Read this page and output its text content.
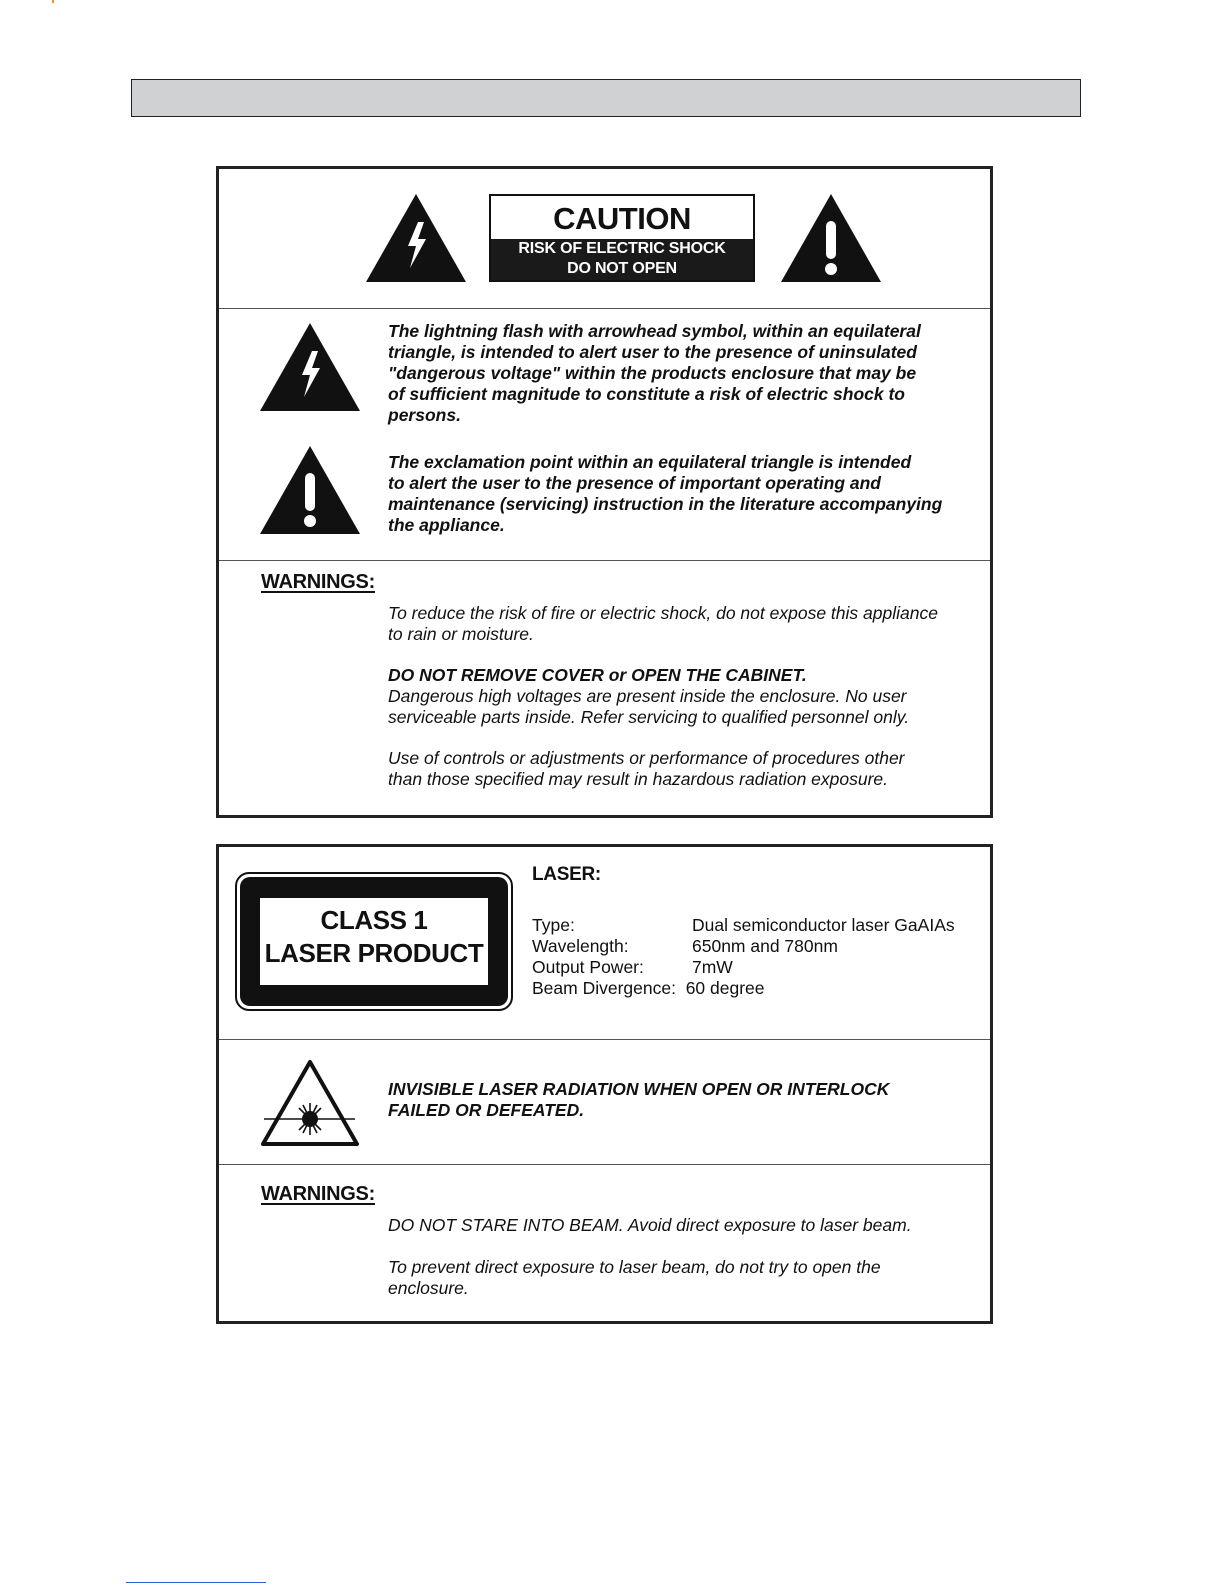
CAUTION
RISK OF ELECTRIC SHOCK
DO NOT OPEN
The lightning flash with arrowhead symbol, within an equilateral
triangle, is intended to alert user to the presence of uninsulated
"dangerous voltage" within the products enclosure that may be
of sufficient magnitude to constitute a risk of electric shock to
persons.
The exclamation point within an equilateral triangle is intended
to alert the user to the presence of important operating and
maintenance (servicing) instruction in the literature accompanying
the appliance.
WARNINGS:
To reduce the risk of fire or electric shock, do not expose this appliance
to rain or moisture.
DO NOT REMOVE COVER or OPEN THE CABINET.
Dangerous high voltages are present inside the enclosure. No user
serviceable parts inside. Refer servicing to qualified personnel only.
Use of controls or adjustments or performance of procedures other
than those specified may result in hazardous radiation exposure.
CLASS 1
LASER PRODUCT
LASER:
Type:	Dual semiconductor laser GaAIAs
Wavelength:	650nm and 780nm
Output Power:	7mW
Beam Divergence: 60 degree
INVISIBLE LASER RADIATION WHEN OPEN OR INTERLOCK
FAILED OR DEFEATED.
WARNINGS:
DO NOT STARE INTO BEAM. Avoid direct exposure to laser beam.
To prevent direct exposure to laser beam, do not try to open the
enclosure.
